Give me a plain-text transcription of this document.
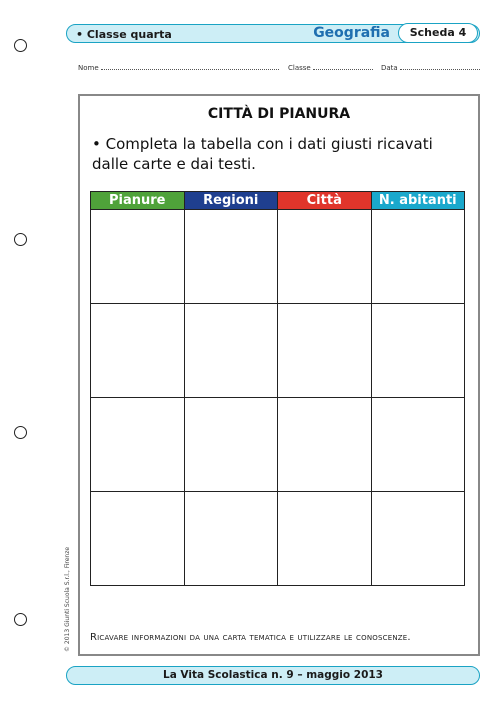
• Classe quarta	Geografia	Scheda 4
Nome	Classe	Data
CITTÀ DI PIANURA
• Completa la tabella con i dati giusti ricavati dalle carte e dai testi.
Pianure	Regioni	Città	N. abitanti

Ricavare informazioni da una carta tematica e utilizzare le conoscenze.
© 2013 Giunti Scuola S.r.l., Firenze
La Vita Scolastica n. 9 – maggio 2013
